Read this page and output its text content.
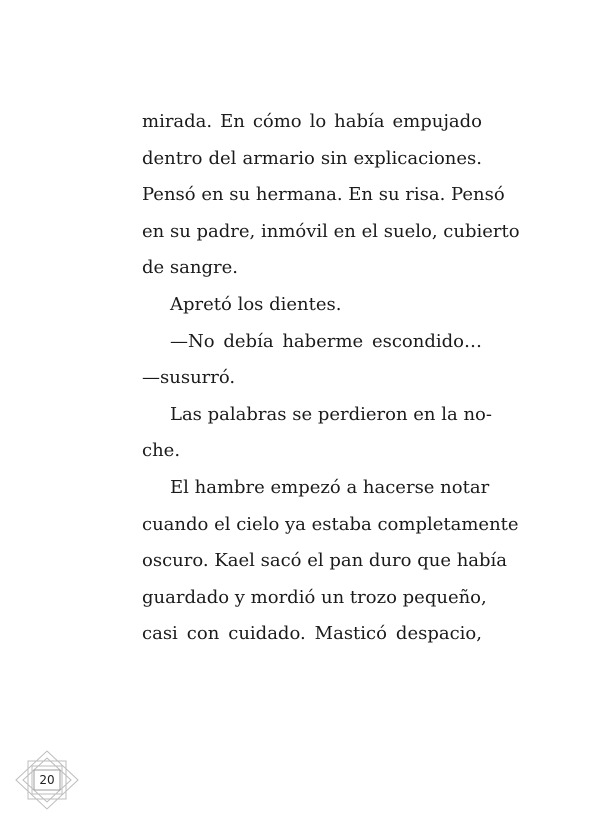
mirada. En cómo lo había empujado
dentro del armario sin explicaciones.
Pensó en su hermana. En su risa. Pensó
en su padre, inmóvil en el suelo, cubierto
de sangre.
Apretó los dientes.
—No debía haberme escondido…
—susurró.
Las palabras se perdieron en la no-
che.
El hambre empezó a hacerse notar
cuando el cielo ya estaba completamente
oscuro. Kael sacó el pan duro que había
guardado y mordió un trozo pequeño,
casi con cuidado. Masticó despacio,
20
